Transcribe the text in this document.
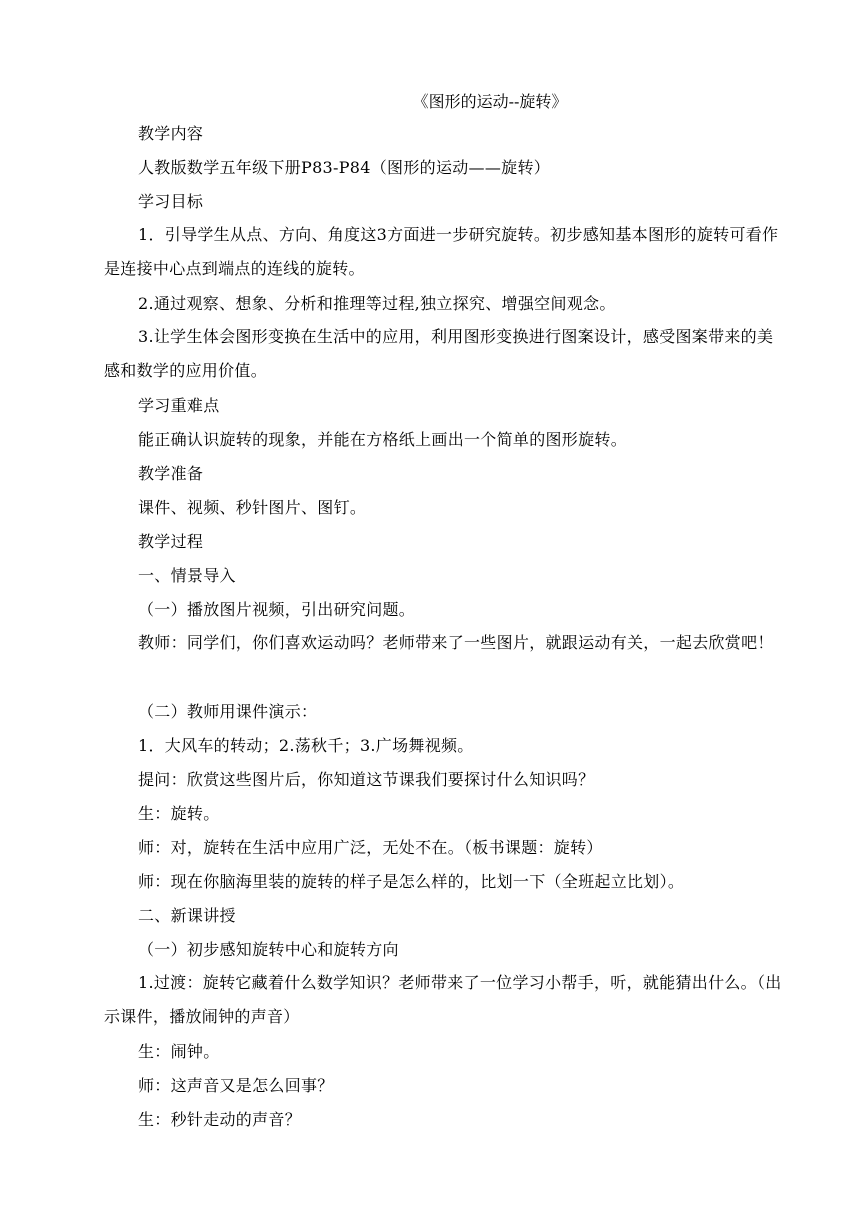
《图形的运动--旋转》
教学内容
人教版数学五年级下册P83-P84（图形的运动——旋转）
学习目标
1．引导学生从点、方向、角度这3方面进一步研究旋转。初步感知基本图形的旋转可看作是连接中心点到端点的连线的旋转。
2.通过观察、想象、分析和推理等过程,独立探究、增强空间观念。
3.让学生体会图形变换在生活中的应用，利用图形变换进行图案设计，感受图案带来的美感和数学的应用价值。
学习重难点
能正确认识旋转的现象，并能在方格纸上画出一个简单的图形旋转。
教学准备
课件、视频、秒针图片、图钉。
教学过程
一、情景导入
（一）播放图片视频，引出研究问题。
教师：同学们，你们喜欢运动吗？老师带来了一些图片，就跟运动有关，一起去欣赏吧！
（二）教师用课件演示：
1．大风车的转动；2.荡秋千；3.广场舞视频。
提问：欣赏这些图片后，你知道这节课我们要探讨什么知识吗？
生：旋转。
师：对，旋转在生活中应用广泛，无处不在。（板书课题：旋转）
师：现在你脑海里装的旋转的样子是怎么样的，比划一下（全班起立比划）。
二、新课讲授
（一）初步感知旋转中心和旋转方向
1.过渡：旋转它藏着什么数学知识？老师带来了一位学习小帮手，听，就能猜出什么。（出示课件，播放闹钟的声音）
生：闹钟。
师：这声音又是怎么回事？
生：秒针走动的声音？
